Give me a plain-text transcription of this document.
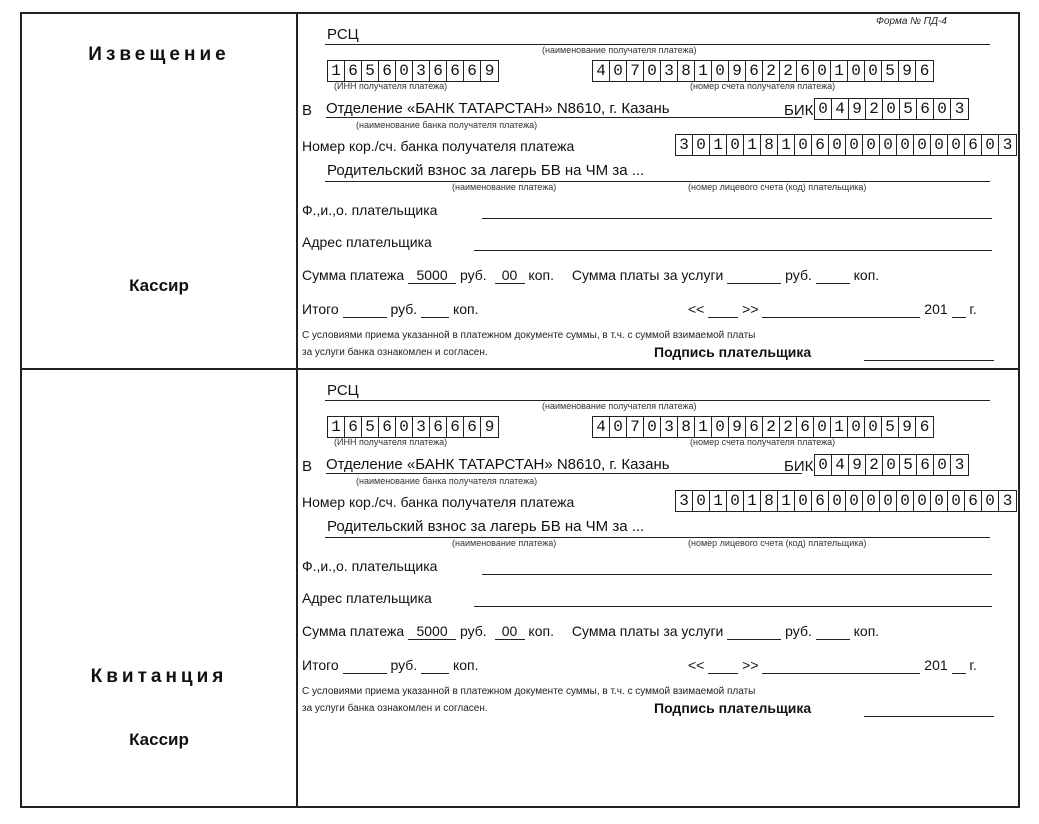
Извещение
Кассир
Квитанция
Кассир
Форма № ПД-4
РСЦ
(наименование получателя платежа)
1 6 5 6 0 3 6 6 6 9
(ИНН получателя платежа)
4 0 7 0 3 8 1 0 9 6 2 2 6 0 1 0 0 5 9 6
(номер счета получателя платежа)
В Отделение «БАНК ТАТАРСТАН» N8610, г. Казань
(наименование банка получателя платежа)
БИК 0 4 9 2 0 5 6 0 3
Номер кор./сч. банка получателя платежа	3 0 1 0 1 8 1 0 6 0 0 0 0 0 0 0 0 6 0 3
Родительский взнос за лагерь БВ на ЧМ за ...
(наименование платежа)	(номер лицевого счета (код) плательщика)
Ф.,и.,о. плательщика
Адрес плательщика
Сумма платежа 5000 руб. 00 коп. Сумма платы за услуги	руб.	коп.
Итого	руб.	коп.	<<	>>	201 г.
С условиями приема указанной в платежном документе суммы, в т.ч. с суммой взимаемой платы
за услуги банка ознакомлен и согласен.	Подпись плательщика
РСЦ
(наименование получателя платежа)
1 6 5 6 0 3 6 6 6 9
(ИНН получателя платежа)
4 0 7 0 3 8 1 0 9 6 2 2 6 0 1 0 0 5 9 6
(номер счета получателя платежа)
В Отделение «БАНК ТАТАРСТАН» N8610, г. Казань
(наименование банка получателя платежа)
БИК 0 4 9 2 0 5 6 0 3
Номер кор./сч. банка получателя платежа	3 0 1 0 1 8 1 0 6 0 0 0 0 0 0 0 0 6 0 3
Родительский взнос за лагерь БВ на ЧМ за ...
(наименование платежа)	(номер лицевого счета (код) плательщика)
Ф.,и.,о. плательщика
Адрес плательщика
Сумма платежа 5000 руб. 00 коп. Сумма платы за услуги	руб.	коп.
Итого	руб.	коп.	<<	>>	201 г.
С условиями приема указанной в платежном документе суммы, в т.ч. с суммой взимаемой платы
за услуги банка ознакомлен и согласен.	Подпись плательщика
